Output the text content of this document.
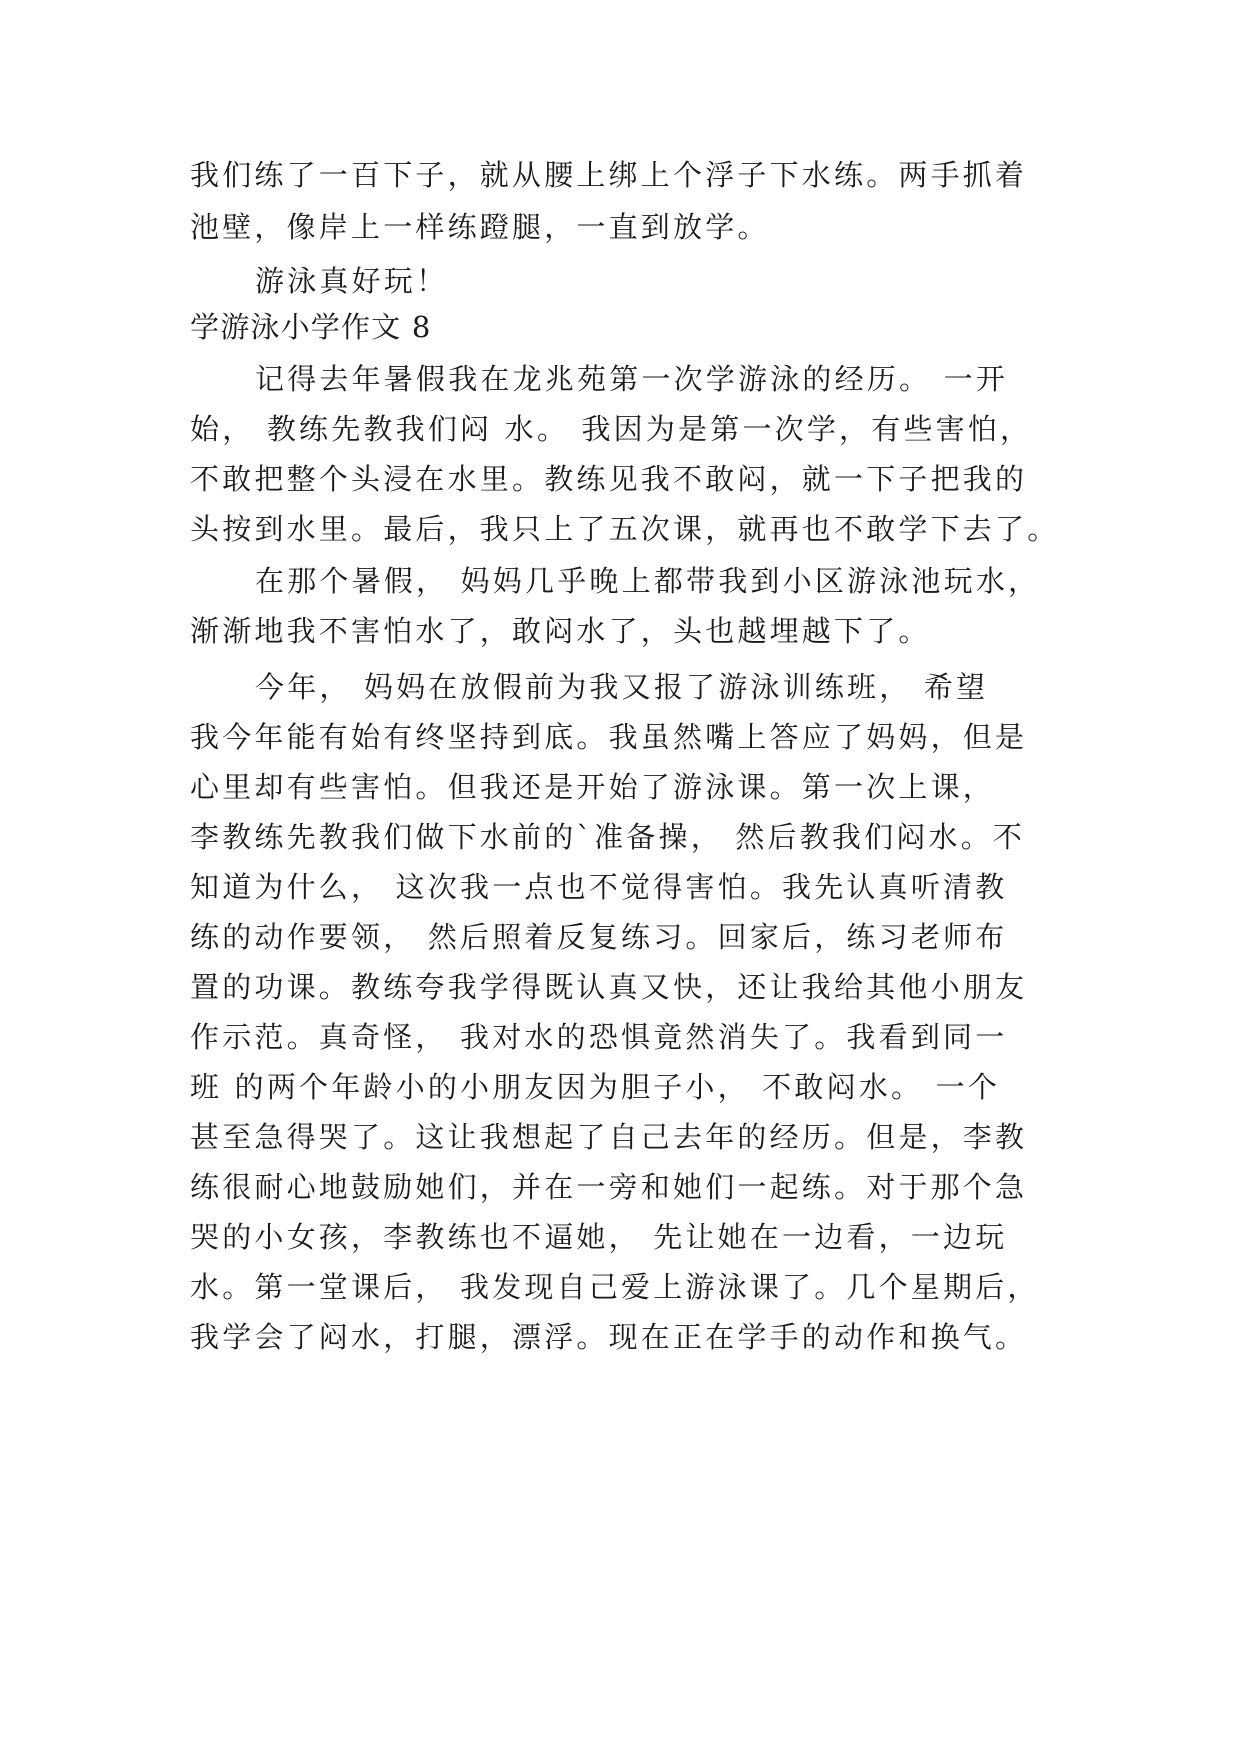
我们练了一百下子，就从腰上绑上个浮子下水练。两手抓着
池壁，像岸上一样练蹬腿，一直到放学。
游泳真好玩！
学游泳小学作文 8
记得去年暑假我在龙兆苑第一次学游泳的经历。 一开
始， 教练先教我们闷 水。 我因为是第一次学，有些害怕，
不敢把整个头浸在水里。教练见我不敢闷，就一下子把我的
头按到水里。最后，我只上了五次课，就再也不敢学下去了。
在那个暑假， 妈妈几乎晚上都带我到小区游泳池玩水，
渐渐地我不害怕水了，敢闷水了，头也越埋越下了。
今年， 妈妈在放假前为我又报了游泳训练班， 希望
我今年能有始有终坚持到底。我虽然嘴上答应了妈妈，但是
心里却有些害怕。但我还是开始了游泳课。第一次上课，
李教练先教我们做下水前的`准备操， 然后教我们闷水。不
知道为什么， 这次我一点也不觉得害怕。我先认真听清教
练的动作要领， 然后照着反复练习。回家后，练习老师布
置的功课。教练夸我学得既认真又快，还让我给其他小朋友
作示范。真奇怪， 我对水的恐惧竟然消失了。我看到同一
班 的两个年龄小的小朋友因为胆子小， 不敢闷水。 一个
甚至急得哭了。这让我想起了自己去年的经历。但是，李教
练很耐心地鼓励她们，并在一旁和她们一起练。对于那个急
哭的小女孩，李教练也不逼她， 先让她在一边看，一边玩
水。第一堂课后， 我发现自己爱上游泳课了。几个星期后，
我学会了闷水，打腿，漂浮。现在正在学手的动作和换气。
